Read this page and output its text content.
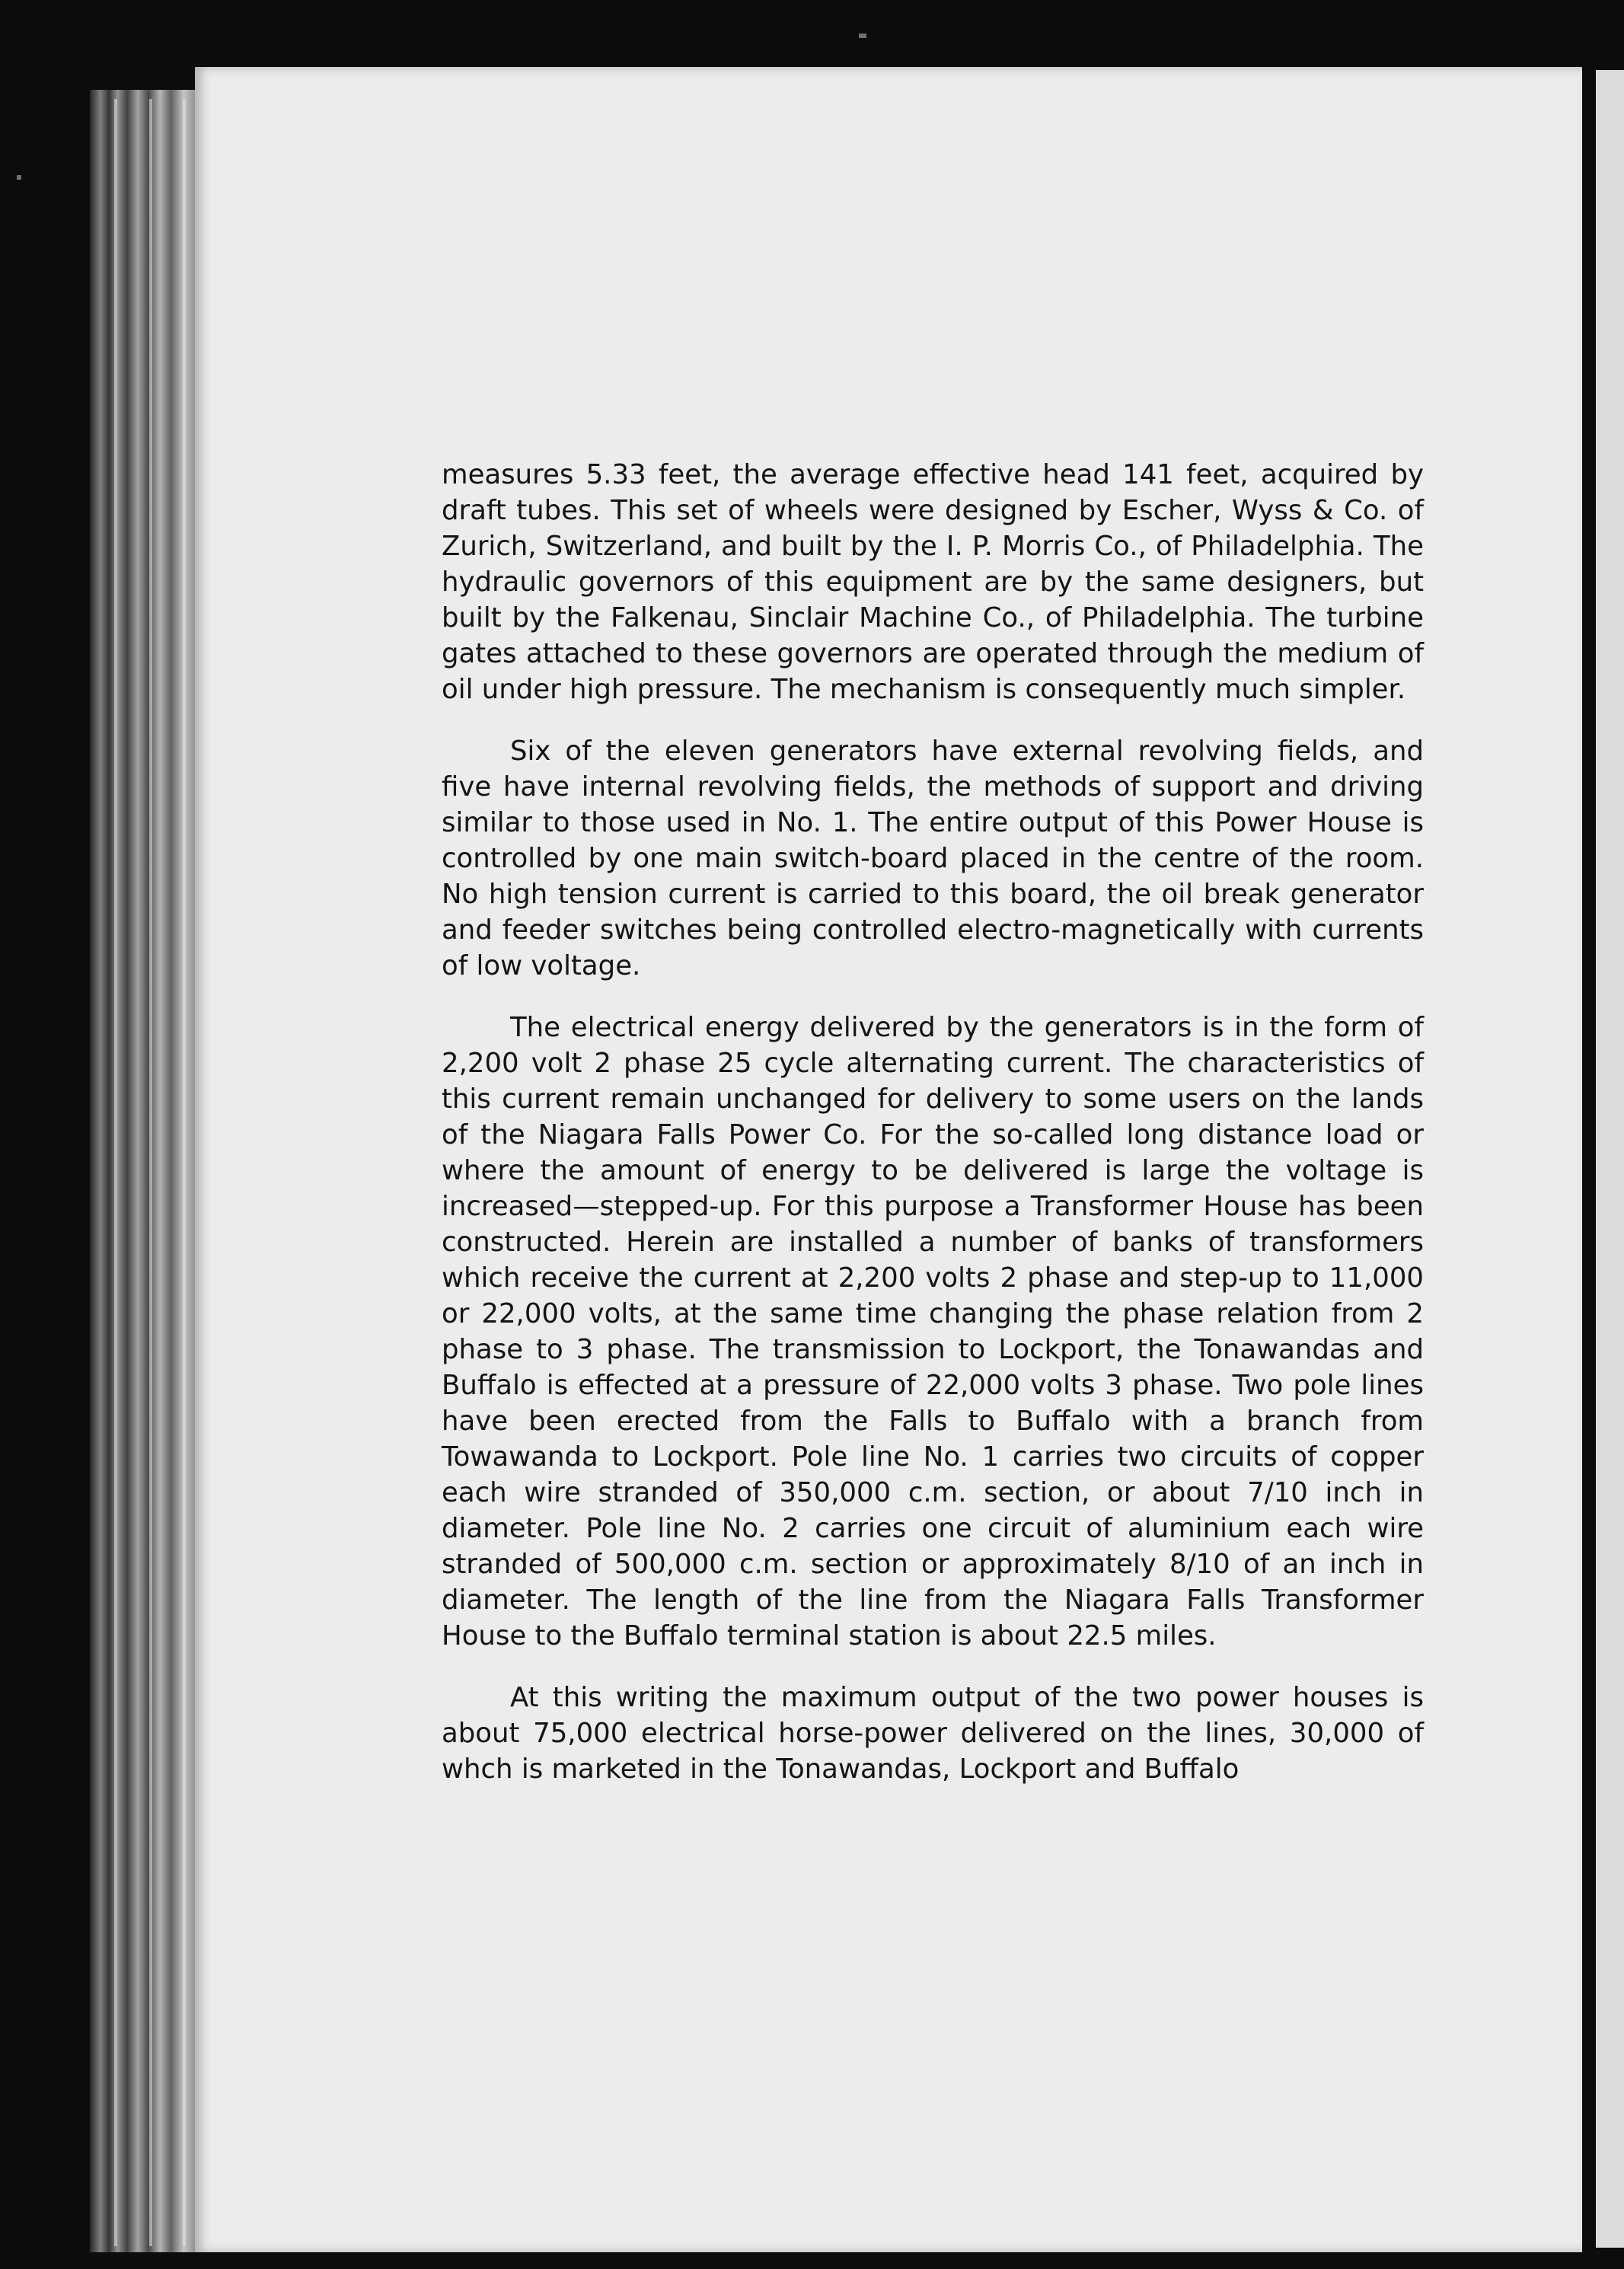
measures 5.33 feet, the average effective head 141 feet, acquired by draft tubes. This set of wheels were designed by Escher, Wyss & Co. of Zurich, Switzerland, and built by the I. P. Morris Co., of Philadelphia. The hydraulic governors of this equipment are by the same designers, but built by the Falkenau, Sinclair Machine Co., of Philadelphia. The turbine gates attached to these governors are operated through the medium of oil under high pressure. The mechanism is consequently much simpler.

Six of the eleven generators have external revolving fields, and five have internal revolving fields, the methods of support and driving similar to those used in No. 1. The entire output of this Power House is controlled by one main switch-board placed in the centre of the room. No high tension current is carried to this board, the oil break generator and feeder switches being controlled electro-magnetically with currents of low voltage.

The electrical energy delivered by the generators is in the form of 2,200 volt 2 phase 25 cycle alternating current. The characteristics of this current remain unchanged for delivery to some users on the lands of the Niagara Falls Power Co. For the so-called long distance load or where the amount of energy to be delivered is large the voltage is increased—stepped-up. For this purpose a Transformer House has been constructed. Herein are installed a number of banks of transformers which receive the current at 2,200 volts 2 phase and step-up to 11,000 or 22,000 volts, at the same time changing the phase relation from 2 phase to 3 phase. The transmission to Lockport, the Tonawandas and Buffalo is effected at a pressure of 22,000 volts 3 phase. Two pole lines have been erected from the Falls to Buffalo with a branch from Towawanda to Lockport. Pole line No. 1 carries two circuits of copper each wire stranded of 350,000 c.m. section, or about 7/10 inch in diameter. Pole line No. 2 carries one circuit of aluminium each wire stranded of 500,000 c.m. section or approximately 8/10 of an inch in diameter. The length of the line from the Niagara Falls Transformer House to the Buffalo terminal station is about 22.5 miles.

At this writing the maximum output of the two power houses is about 75,000 electrical horse-power delivered on the lines, 30,000 of whch is marketed in the Tonawandas, Lockport and Buffalo
